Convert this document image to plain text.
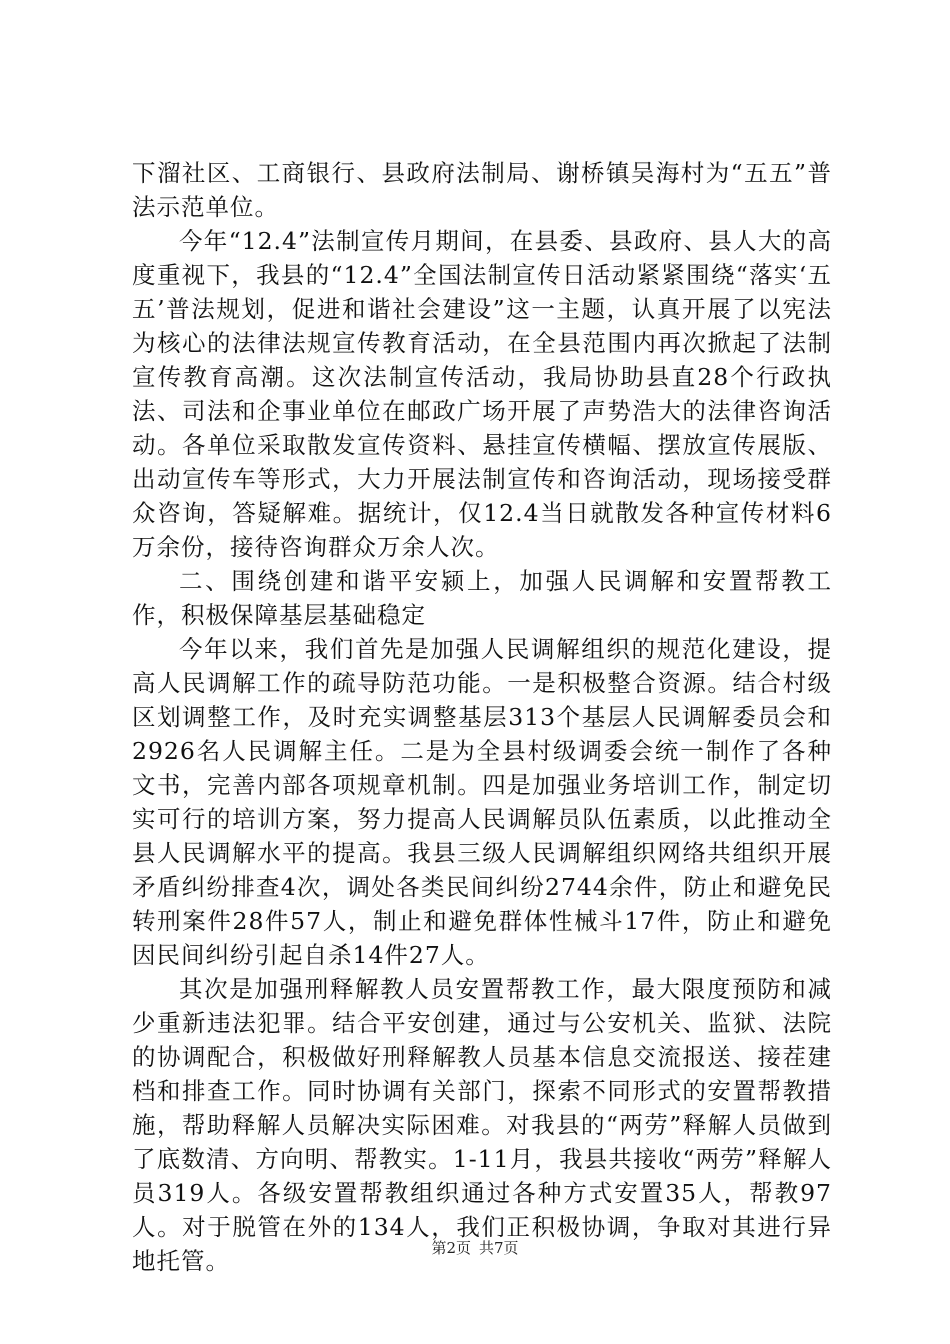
下溜社区、工商银行、县政府法制局、谢桥镇吴海村为“五五”普法示范单位。

今年“12.4”法制宣传月期间，在县委、县政府、县人大的高度重视下，我县的“12.4”全国法制宣传日活动紧紧围绕“落实‘五五’普法规划，促进和谐社会建设”这一主题，认真开展了以宪法为核心的法律法规宣传教育活动，在全县范围内再次掀起了法制宣传教育高潮。这次法制宣传活动，我局协助县直28个行政执法、司法和企事业单位在邮政广场开展了声势浩大的法律咨询活动。各单位采取散发宣传资料、悬挂宣传横幅、摆放宣传展版、出动宣传车等形式，大力开展法制宣传和咨询活动，现场接受群众咨询，答疑解难。据统计，仅12.4当日就散发各种宣传材料6万余份，接待咨询群众万余人次。

二、围绕创建和谐平安颍上，加强人民调解和安置帮教工作，积极保障基层基础稳定

今年以来，我们首先是加强人民调解组织的规范化建设，提高人民调解工作的疏导防范功能。一是积极整合资源。结合村级区划调整工作，及时充实调整基层313个基层人民调解委员会和2926名人民调解主任。二是为全县村级调委会统一制作了各种文书，完善内部各项规章机制。四是加强业务培训工作，制定切实可行的培训方案，努力提高人民调解员队伍素质，以此推动全县人民调解水平的提高。我县三级人民调解组织网络共组织开展矛盾纠纷排查4次，调处各类民间纠纷2744余件，防止和避免民转刑案件28件57人，制止和避免群体性械斗17件，防止和避免因民间纠纷引起自杀14件27人。

其次是加强刑释解教人员安置帮教工作，最大限度预防和减少重新违法犯罪。结合平安创建，通过与公安机关、监狱、法院的协调配合，积极做好刑释解教人员基本信息交流报送、接茬建档和排查工作。同时协调有关部门，探索不同形式的安置帮教措施，帮助释解人员解决实际困难。对我县的“两劳”释解人员做到了底数清、方向明、帮教实。1-11月，我县共接收“两劳”释解人员319人。各级安置帮教组织通过各种方式安置35人，帮教97人。对于脱管在外的134人，我们正积极协调，争取对其进行异地托管。	第2页 共7页
